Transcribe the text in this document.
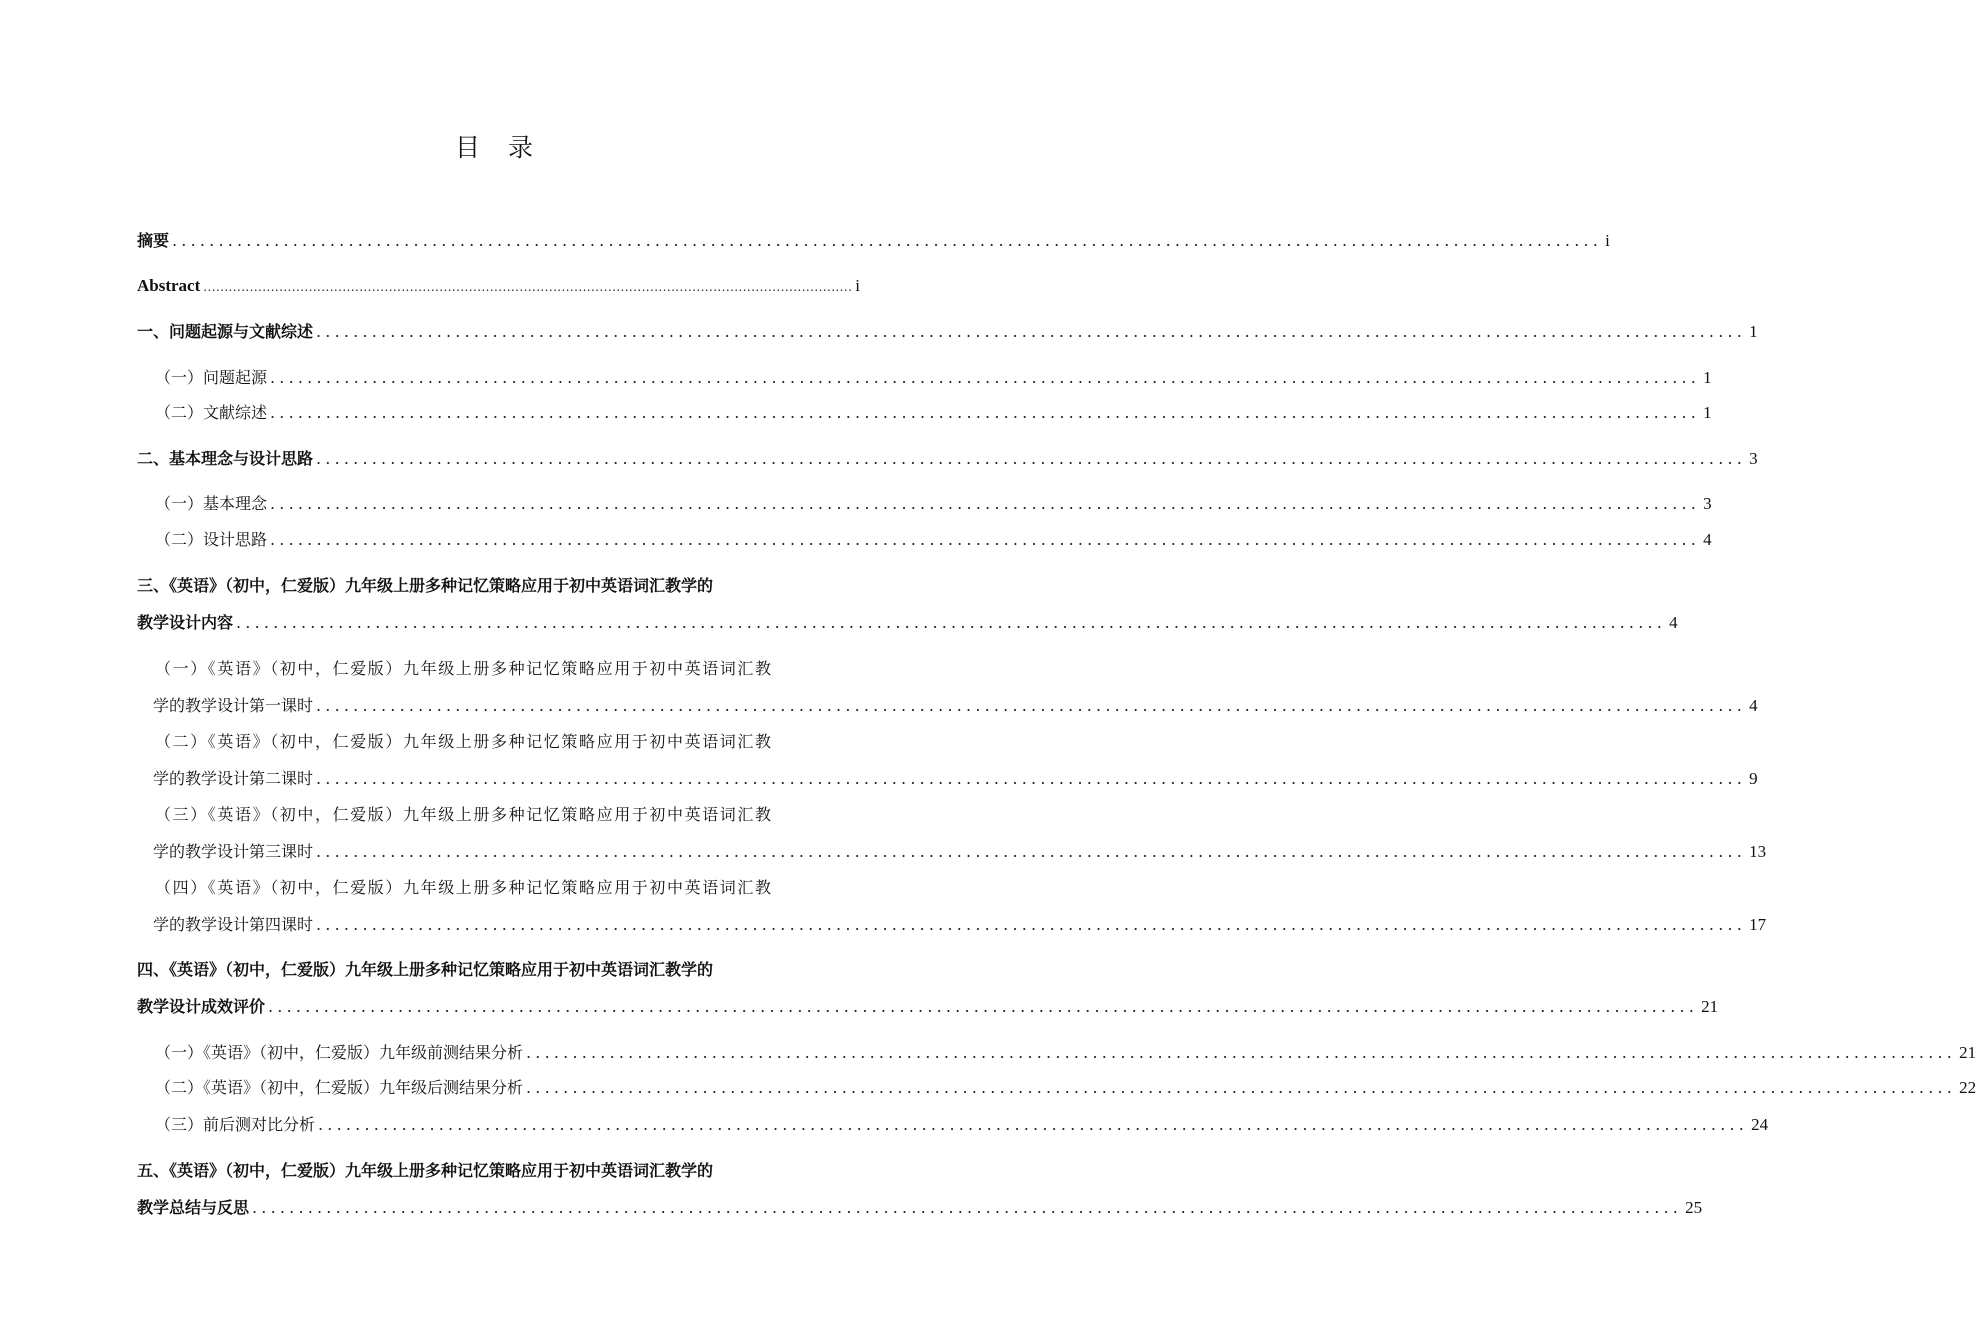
目 录
摘要 .......................................................................................................................................................... i
Abstract .......................................................................................................................................................... i
一、问题起源与文献综述 .......................................................................................................................................................... 1
（一）问题起源 .......................................................................................................................................................... 1
（二）文献综述 .......................................................................................................................................................... 1
二、基本理念与设计思路 .......................................................................................................................................................... 3
（一）基本理念 .......................................................................................................................................................... 3
（二）设计思路 .......................................................................................................................................................... 4
三、《英语》（初中，仁爱版）九年级上册多种记忆策略应用于初中英语词汇教学的
教学设计内容 .......................................................................................................................................................... 4
（一）《英语》（初中，仁爱版）九年级上册多种记忆策略应用于初中英语词汇教
学的教学设计第一课时 .......................................................................................................................................................... 4
（二）《英语》（初中，仁爱版）九年级上册多种记忆策略应用于初中英语词汇教
学的教学设计第二课时 .......................................................................................................................................................... 9
（三）《英语》（初中，仁爱版）九年级上册多种记忆策略应用于初中英语词汇教
学的教学设计第三课时 .......................................................................................................................................................... 13
（四）《英语》（初中，仁爱版）九年级上册多种记忆策略应用于初中英语词汇教
学的教学设计第四课时 .......................................................................................................................................................... 17
四、《英语》（初中，仁爱版）九年级上册多种记忆策略应用于初中英语词汇教学的
教学设计成效评价 .......................................................................................................................................................... 21
（一）《英语》（初中，仁爱版）九年级前测结果分析 .......................................................................................................................................................... 21
（二）《英语》（初中，仁爱版）九年级后测结果分析 .......................................................................................................................................................... 22
（三）前后测对比分析 .......................................................................................................................................................... 24
五、《英语》（初中，仁爱版）九年级上册多种记忆策略应用于初中英语词汇教学的
教学总结与反思 .......................................................................................................................................................... 25
